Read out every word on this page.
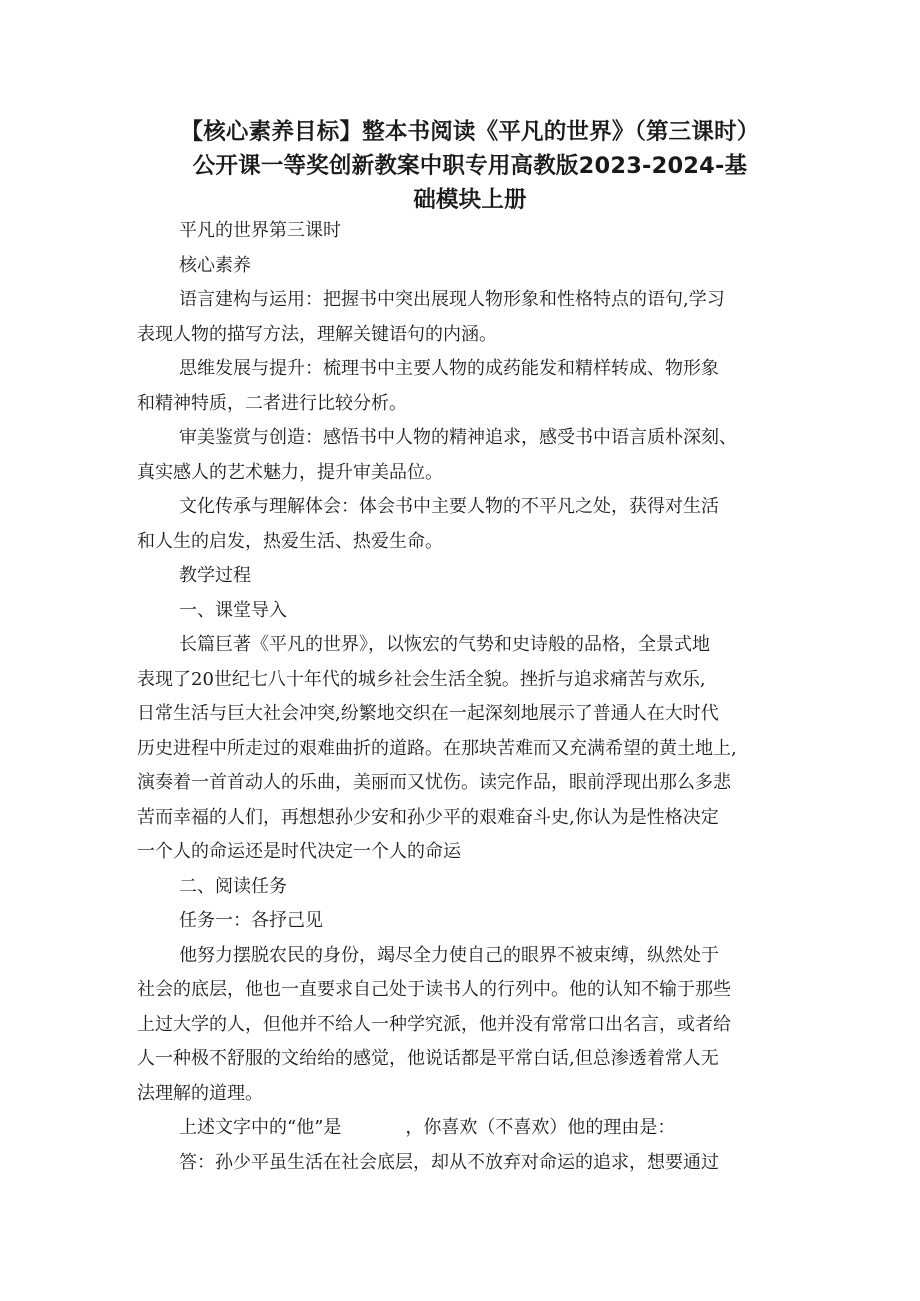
【核心素养目标】整本书阅读《平凡的世界》（第三课时）
公开课一等奖创新教案中职专用高教版2023-2024-基
础模块上册
平凡的世界第三课时
核心素养
语言建构与运用：把握书中突出展现人物形象和性格特点的语句,学习
表现人物的描写方法，理解关键语句的内涵。
思维发展与提升：梳理书中主要人物的成药能发和精样转成、物形象
和精神特质，二者进行比较分析。
审美鉴赏与创造：感悟书中人物的精神追求，感受书中语言质朴深刻、
真实感人的艺术魅力，提升审美品位。
文化传承与理解体会：体会书中主要人物的不平凡之处，获得对生活
和人生的启发，热爱生活、热爱生命。
教学过程
一、课堂导入
长篇巨著《平凡的世界》，以恢宏的气势和史诗般的品格，全景式地
表现了20世纪七八十年代的城乡社会生活全貌。挫折与追求痛苦与欢乐,
日常生活与巨大社会冲突,纷繁地交织在一起深刻地展示了普通人在大时代
历史进程中所走过的艰难曲折的道路。在那块苦难而又充满希望的黄土地上,
演奏着一首首动人的乐曲，美丽而又忧伤。读完作品，眼前浮现出那么多悲
苦而幸福的人们，再想想孙少安和孙少平的艰难奋斗史,你认为是性格决定
一个人的命运还是时代决定一个人的命运
二、阅读任务
任务一：各抒己见
他努力摆脱农民的身份，竭尽全力使自己的眼界不被束缚，纵然处于
社会的底层，他也一直要求自己处于读书人的行列中。他的认知不输于那些
上过大学的人，但他并不给人一种学究派，他并没有常常口出名言，或者给
人一种极不舒服的文绐绐的感觉，他说话都是平常白话,但总渗透着常人无
法理解的道理。
上述文字中的“他”是	，你喜欢（不喜欢）他的理由是：
答：孙少平虽生活在社会底层，却从不放弃对命运的追求，想要通过
